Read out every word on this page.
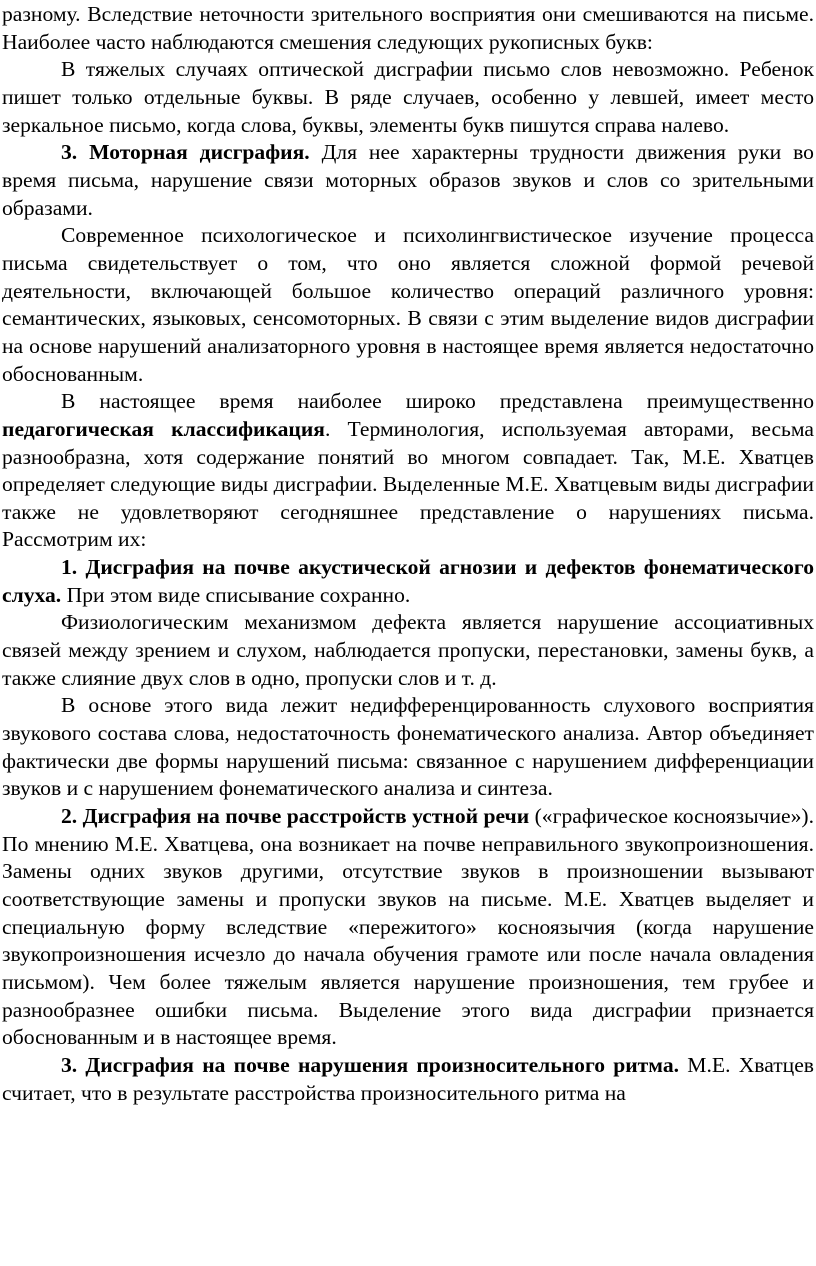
разному. Вследствие неточности зрительного восприятия они смешиваются на письме. Наиболее часто наблюдаются смешения следующих рукописных букв:

В тяжелых случаях оптической дисграфии письмо слов невозможно. Ребенок пишет только отдельные буквы. В ряде случаев, особенно у левшей, имеет место зеркальное письмо, когда слова, буквы, элементы букв пишутся справа налево.

3. Моторная дисграфия. Для нее характерны трудности движения руки во время письма, нарушение связи моторных образов звуков и слов со зрительными образами.

Современное психологическое и психолингвистическое изучение процесса письма свидетельствует о том, что оно является сложной формой речевой деятельности, включающей большое количество операций различного уровня: семантических, языковых, сенсомоторных. В связи с этим выделение видов дисграфии на основе нарушений анализаторного уровня в настоящее время является недостаточно обоснованным.

В настоящее время наиболее широко представлена преимущественно педагогическая классификация. Терминология, используемая авторами, весьма разнообразна, хотя содержание понятий во многом совпадает. Так, М.Е. Хватцев определяет следующие виды дисграфии. Выделенные М.Е. Хватцевым виды дисграфии также не удовлетворяют сегодняшнее представление о нарушениях письма. Рассмотрим их:

1. Дисграфия на почве акустической агнозии и дефектов фонематического слуха. При этом виде списывание сохранно.

Физиологическим механизмом дефекта является нарушение ассоциативных связей между зрением и слухом, наблюдается пропуски, перестановки, замены букв, а также слияние двух слов в одно, пропуски слов и т. д.

В основе этого вида лежит недифференцированность слухового восприятия звукового состава слова, недостаточность фонематического анализа. Автор объединяет фактически две формы нарушений письма: связанное с нарушением дифференциации звуков и с нарушением фонематического анализа и синтеза.

2. Дисграфия на почве расстройств устной речи («графическое косноязычие»). По мнению М.Е. Хватцева, она возникает на почве неправильного звукопроизношения. Замены одних звуков другими, отсутствие звуков в произношении вызывают соответствующие замены и пропуски звуков на письме. М.Е. Хватцев выделяет и специальную форму вследствие «пережитого» косноязычия (когда нарушение звукопроизношения исчезло до начала обучения грамоте или после начала овладения письмом). Чем более тяжелым является нарушение произношения, тем грубее и разнообразнее ошибки письма. Выделение этого вида дисграфии признается обоснованным и в настоящее время.

3. Дисграфия на почве нарушения произносительного ритма. М.Е. Хватцев считает, что в результате расстройства произносительного ритма на
